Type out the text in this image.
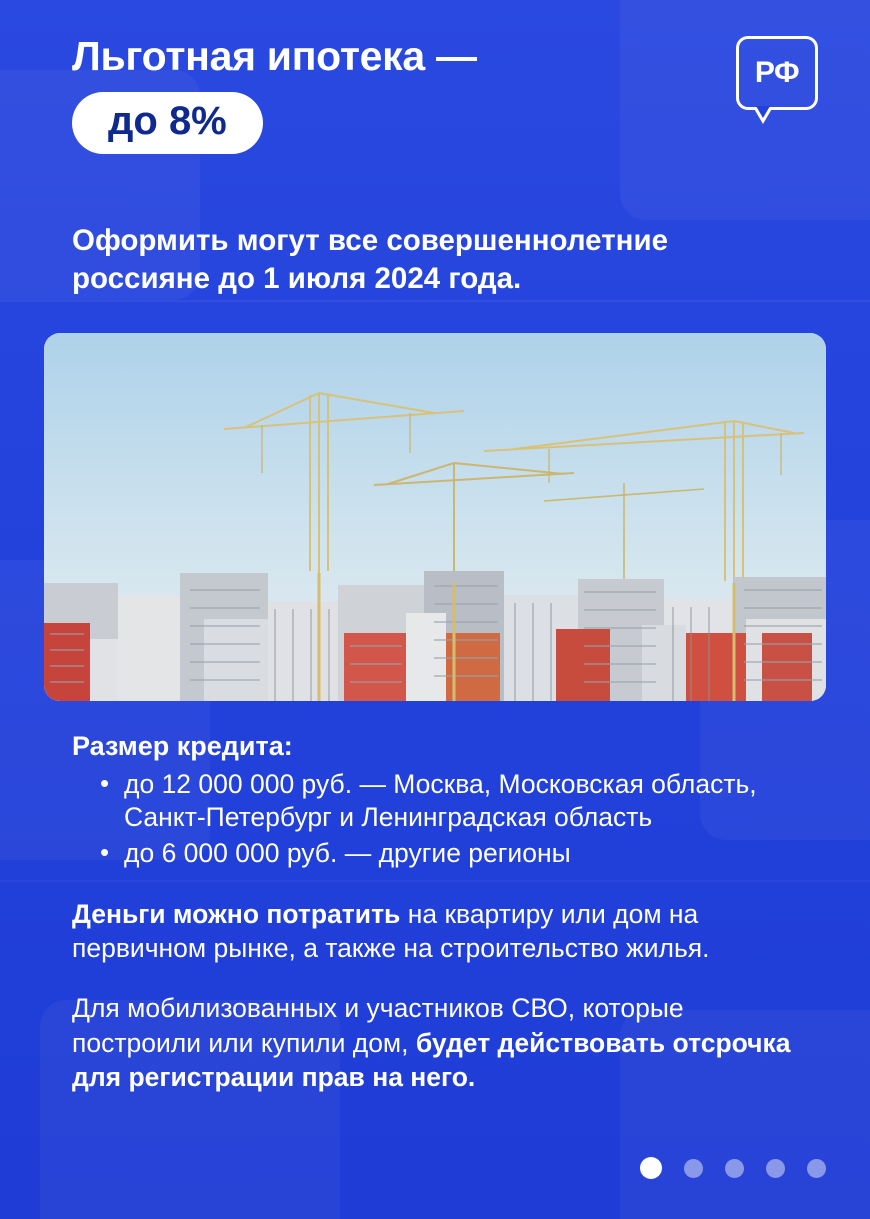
Льготная ипотека —
до 8%
РФ
Оформить могут все совершеннолетние россияне до 1 июля 2024 года.
Размер кредита:
• до 12 000 000 руб. — Москва, Московская область, Санкт-Петербург и Ленинградская область
• до 6 000 000 руб. — другие регионы
Деньги можно потратить на квартиру или дом на первичном рынке, а также на строительство жилья.
Для мобилизованных и участников СВО, которые построили или купили дом, будет действовать отсрочка для регистрации прав на него.
